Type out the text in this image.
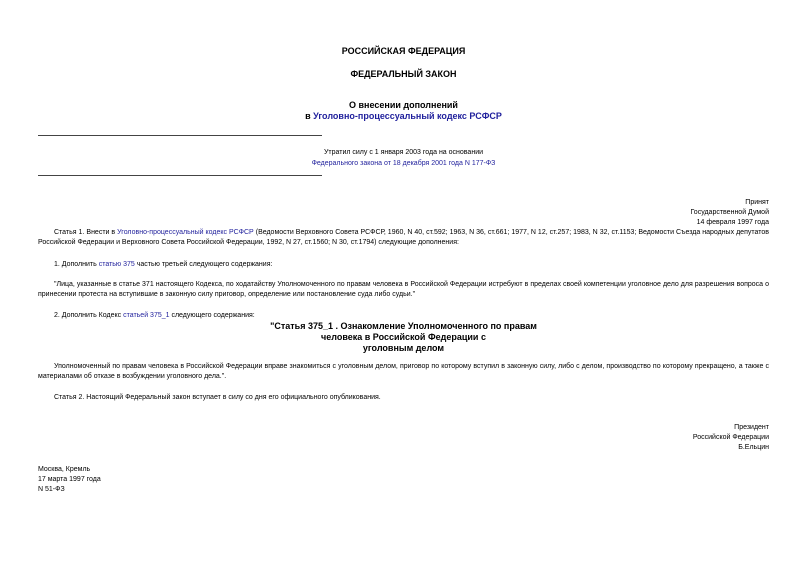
РОССИЙСКАЯ ФЕДЕРАЦИЯ
ФЕДЕРАЛЬНЫЙ ЗАКОН
О внесении дополнений
в Уголовно-процессуальный кодекс РСФСР
Утратил силу с 1 января 2003 года на основании
Федерального закона от 18 декабря 2001 года N 177-ФЗ
Принят
Государственной Думой
14 февраля 1997 года
Статья 1. Внести в Уголовно-процессуальный кодекс РСФСР (Ведомости Верховного Совета РСФСР, 1960, N 40, ст.592; 1963, N 36, ст.661; 1977, N 12, ст.257; 1983, N 32, ст.1153; Ведомости Съезда народных депутатов Российской Федерации и Верховного Совета Российской Федерации, 1992, N 27, ст.1560; N 30, ст.1794) следующие дополнения:
1. Дополнить статью 375 частью третьей следующего содержания:
"Лица, указанные в статье 371 настоящего Кодекса, по ходатайству Уполномоченного по правам человека в Российской Федерации истребуют в пределах своей компетенции уголовное дело для разрешения вопроса о принесении протеста на вступившие в законную силу приговор, определение или постановление суда либо судьи."
2. Дополнить Кодекс статьей 375_1 следующего содержания:
"Статья 375_1 . Ознакомление Уполномоченного по правам
человека в Российской Федерации с
уголовным делом
Уполномоченный по правам человека в Российской Федерации вправе знакомиться с уголовным делом, приговор по которому вступил в законную силу, либо с делом, производство по которому прекращено, а также с материалами об отказе в возбуждении уголовного дела.".
Статья 2. Настоящий Федеральный закон вступает в силу со дня его официального опубликования.
Президент
Российской Федерации
Б.Ельцин
Москва, Кремль
17 марта 1997 года
N 51-ФЗ
